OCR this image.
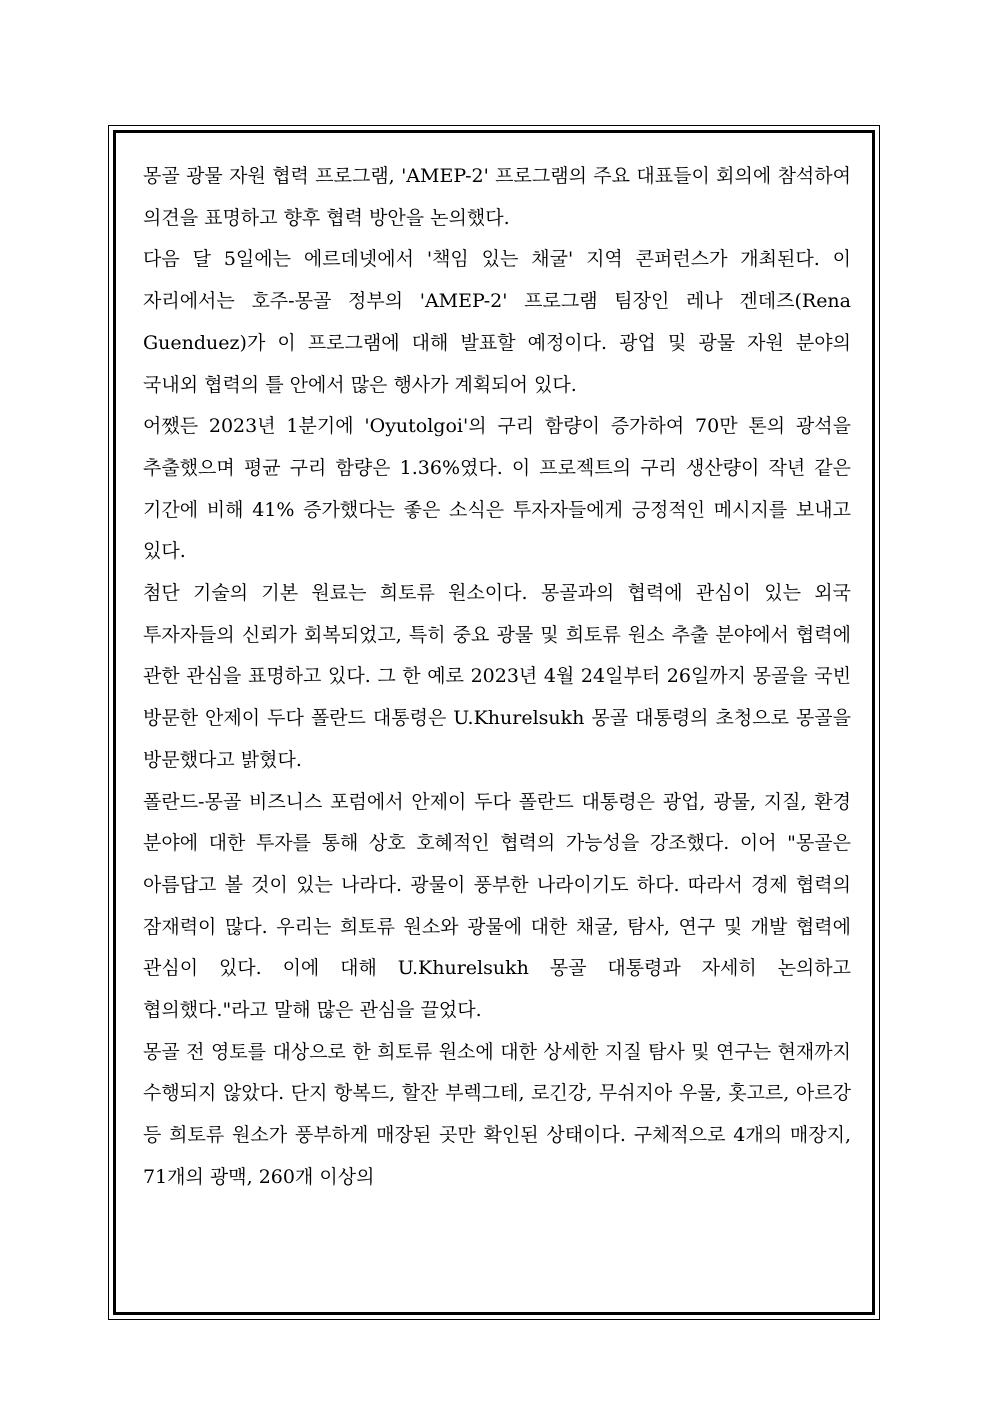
몽골 광물 자원 협력 프로그램, 'AMEP-2' 프로그램의 주요 대표들이 회의에 참석하여 의견을 표명하고 향후 협력 방안을 논의했다.

다음 달 5일에는 에르데넷에서 '책임 있는 채굴' 지역 콘퍼런스가 개최된다. 이 자리에서는 호주-몽골 정부의 'AMEP-2' 프로그램 팀장인 레나 겐데즈(Rena Guenduez)가 이 프로그램에 대해 발표할 예정이다. 광업 및 광물 자원 분야의 국내외 협력의 틀 안에서 많은 행사가 계획되어 있다.

어쨌든 2023년 1분기에 'Oyutolgoi'의 구리 함량이 증가하여 70만 톤의 광석을 추출했으며 평균 구리 함량은 1.36%였다. 이 프로젝트의 구리 생산량이 작년 같은 기간에 비해 41% 증가했다는 좋은 소식은 투자자들에게 긍정적인 메시지를 보내고 있다.

첨단 기술의 기본 원료는 희토류 원소이다. 몽골과의 협력에 관심이 있는 외국 투자자들의 신뢰가 회복되었고, 특히 중요 광물 및 희토류 원소 추출 분야에서 협력에 관한 관심을 표명하고 있다. 그 한 예로 2023년 4월 24일부터 26일까지 몽골을 국빈 방문한 안제이 두다 폴란드 대통령은 U.Khurelsukh 몽골 대통령의 초청으로 몽골을 방문했다고 밝혔다.

폴란드-몽골 비즈니스 포럼에서 안제이 두다 폴란드 대통령은 광업, 광물, 지질, 환경 분야에 대한 투자를 통해 상호 호혜적인 협력의 가능성을 강조했다. 이어 "몽골은 아름답고 볼 것이 있는 나라다. 광물이 풍부한 나라이기도 하다. 따라서 경제 협력의 잠재력이 많다. 우리는 희토류 원소와 광물에 대한 채굴, 탐사, 연구 및 개발 협력에 관심이 있다. 이에 대해 U.Khurelsukh 몽골 대통령과 자세히 논의하고 협의했다."라고 말해 많은 관심을 끌었다.

몽골 전 영토를 대상으로 한 희토류 원소에 대한 상세한 지질 탐사 및 연구는 현재까지 수행되지 않았다. 단지 항복드, 할잔 부렉그테, 로긴강, 무쉬지아 우물, 홋고르, 아르강 등 희토류 원소가 풍부하게 매장된 곳만 확인된 상태이다. 구체적으로 4개의 매장지, 71개의 광맥, 260개 이상의
